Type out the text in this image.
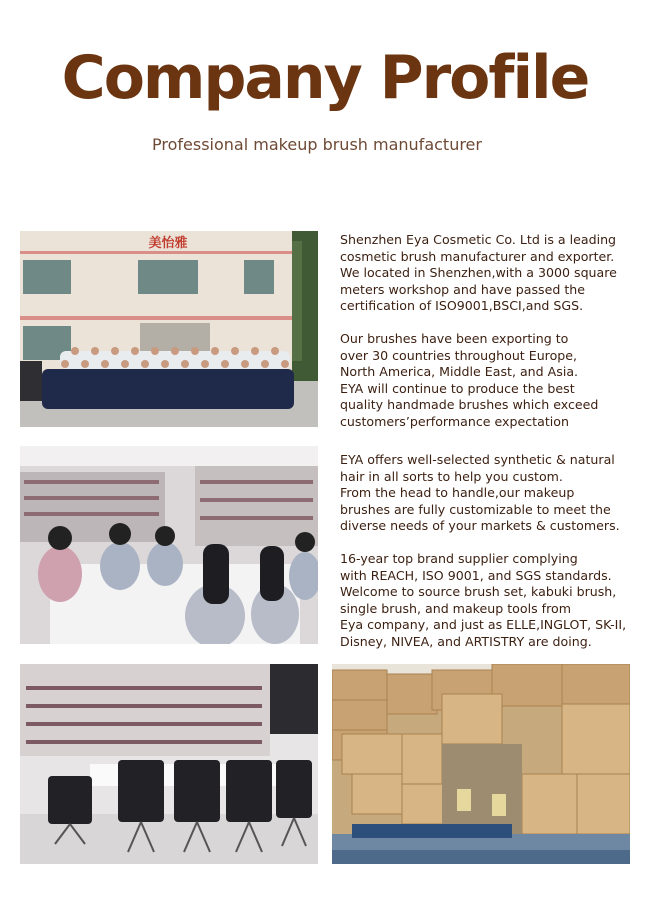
Company Profile

Professional makeup brush manufacturer

美怡雅	Shenzhen Eya Cosmetic Co. Ltd is a leading
cosmetic brush manufacturer and exporter.
We located in Shenzhen,with a 3000 square
meters workshop and have passed the
certification of ISO9001,BSCI,and SGS.
Our brushes have been exporting to
over 30 countries throughout Europe,
North America, Middle East, and Asia.
EYA will continue to produce the best
quality handmade brushes which exceed
customers’performance expectation
EYA offers well-selected synthetic & natural
hair in all sorts to help you custom.
From the head to handle,our makeup
brushes are fully customizable to meet the
diverse needs of your markets & customers.
16-year top brand supplier complying
with REACH, ISO 9001, and SGS standards.
Welcome to source brush set, kabuki brush,
single brush, and makeup tools from
Eya company, and just as ELLE,INGLOT, SK-II,
Disney, NIVEA, and ARTISTRY are doing.
